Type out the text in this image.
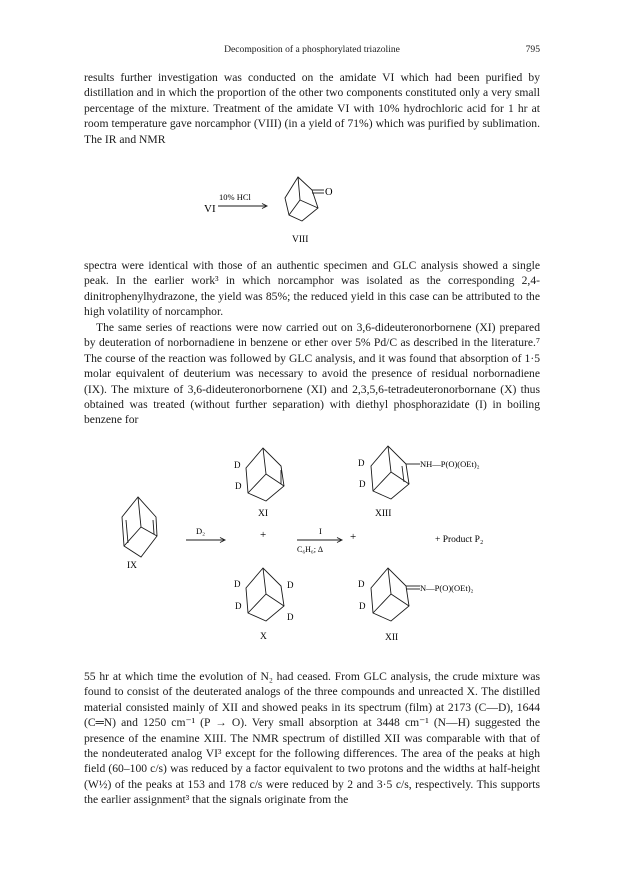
Decomposition of a phosphorylated triazoline	795

results further investigation was conducted on the amidate VI which had been purified by distillation and in which the proportion of the other two components constituted only a very small percentage of the mixture. Treatment of the amidate VI with 10% hydrochloric acid for 1 hr at room temperature gave norcamphor (VIII) (in a yield of 71%) which was purified by sublimation. The IR and NMR

VI
10% HCl	O
VIII

spectra were identical with those of an authentic specimen and GLC analysis showed a single peak. In the earlier work³ in which norcamphor was isolated as the corresponding 2,4-dinitrophenylhydrazone, the yield was 85%; the reduced yield in this case can be attributed to the high volatility of norcamphor.

The same series of reactions were now carried out on 3,6-dideuteronorbornene (XI) prepared by deuteration of norbornadiene in benzene or ether over 5% Pd/C as described in the literature.⁷ The course of the reaction was followed by GLC analysis, and it was found that absorption of 1·5 molar equivalent of deuterium was necessary to avoid the presence of residual norbornadiene (IX). The mixture of 3,6-dideuteronorbornene (XI) and 2,3,5,6-tetradeuteronorbornane (X) thus obtained was treated (without further separation) with diethyl phosphorazidate (I) in boiling benzene for

IX
D₂
D
D
XI
+
D
D
D
D
X
I
C₆H₆; Δ
+
D
D
NH—P(O)(OEt)₂
XIII
+ Product P₂
D
D
N—P(O)(OEt)₂
XII

55 hr at which time the evolution of N₂ had ceased. From GLC analysis, the crude mixture was found to consist of the deuterated analogs of the three compounds and unreacted X. The distilled material consisted mainly of XII and showed peaks in its spectrum (film) at 2173 (C—D), 1644 (C═N) and 1250 cm⁻¹ (P → O). Very small absorption at 3448 cm⁻¹ (N—H) suggested the presence of the enamine XIII. The NMR spectrum of distilled XII was comparable with that of the nondeuterated analog VI³ except for the following differences. The area of the peaks at high field (60–100 c/s) was reduced by a factor equivalent to two protons and the widths at half-height (W½) of the peaks at 153 and 178 c/s were reduced by 2 and 3·5 c/s, respectively. This supports the earlier assignment³ that the signals originate from the
